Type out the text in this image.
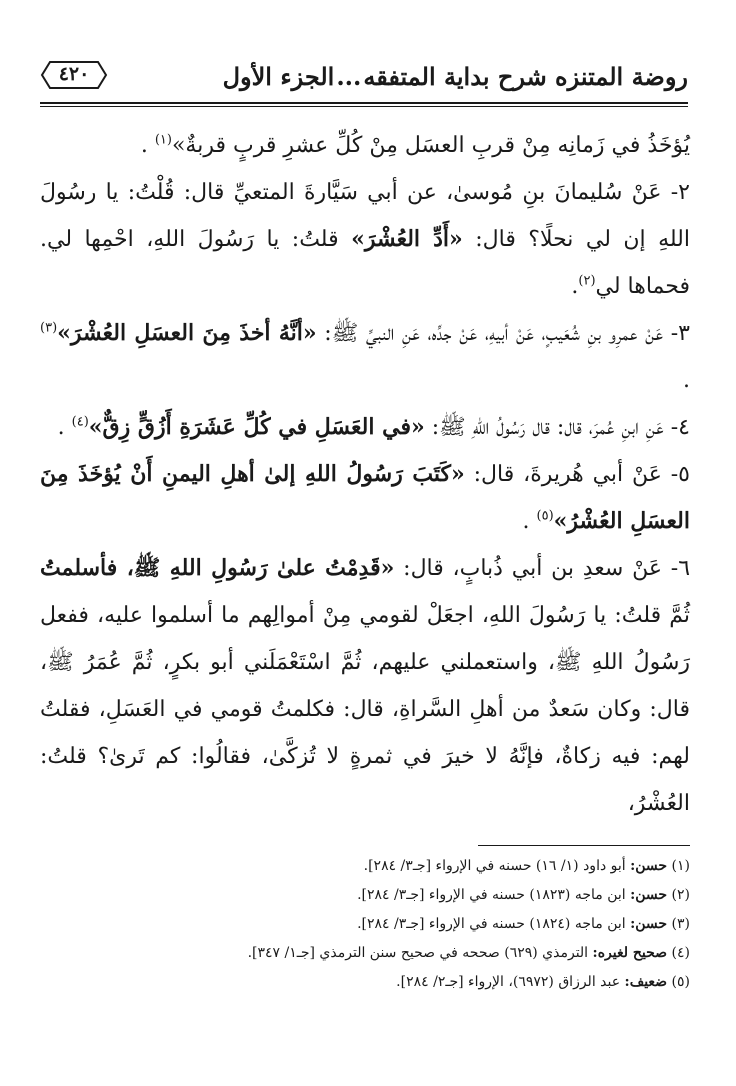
روضة المتنزه شرح بداية المتفقه...الجزء الأول
٤٢٠

يُؤخَذُ في زَمانِه مِنْ قربِ العسَل مِنْ كُلِّ عشرِ قربٍ قربةٌ»$^{(١)}$ .

٢- عَنْ سُليمانَ بنِ مُوسىٰ، عن أبي سَيَّارةَ المتعيِّ قال: قُلْتُ: يا رسُولَ اللهِ إن لي نحلًا؟ قال: «أَدِّ العُشْرَ» قلتُ: يا رَسُولَ اللهِ، احْمِها لي. فحماها لي$^{(٢)}$.

٣- عَنْ عمرِو بنِ شُعَيبٍ، عَنْ أبيهِ، عَنْ جدِّه، عَنِ النبيِّ ﷺ: «أنَّهُ أخذَ مِنَ العسَلِ العُشْرَ»$^{(٣)}$ .

٤- عَنِ ابنِ عُمرَ، قال: قال رَسُولُ اللهِ ﷺ: «في العَسَلِ في كُلِّ عَشَرَةِ أَزُقٍّ زِقٌّ»$^{(٤)}$ .

٥- عَنْ أبي هُريرةَ، قال: «كَتَبَ رَسُولُ اللهِ إلىٰ أهلِ اليمنِ أَنْ يُؤخَذَ مِنَ العسَلِ العُشْرُ»$^{(٥)}$ .

٦- عَنْ سعدِ بن أبي ذُبابٍ، قال: «قَدِمْتُ علىٰ رَسُولِ اللهِ ﷺ، فأسلمتُ ثُمَّ قلتُ: يا رَسُولَ اللهِ، اجعَلْ لقومي مِنْ أموالِهم ما أسلموا عليه، ففعل رَسُولُ اللهِ ﷺ، واستعملني عليهم، ثُمَّ اسْتَعْمَلَني أبو بكرٍ، ثُمَّ عُمَرُ ﷺ، قال: وكان سَعدٌ من أهلِ السَّراةِ، قال: فكلمتُ قومي في العَسَلِ، فقلتُ لهم: فيه زكاةٌ، فإنَّهُ لا خيرَ في ثمرةٍ لا تُزكَّىٰ، فقالُوا: كم تَرىٰ؟ قلتُ: العُشْرُ،

(١) حسن: أبو داود (١/ ١٦) حسنه في الإرواء [جـ٣/ ٢٨٤].
(٢) حسن: ابن ماجه (١٨٢٣) حسنه في الإرواء [جـ٣/ ٢٨٤].
(٣) حسن: ابن ماجه (١٨٢٤) حسنه في الإرواء [جـ٣/ ٢٨٤].
(٤) صحيح لغيره: الترمذي (٦٢٩) صححه في صحيح سنن الترمذي [جـ١/ ٣٤٧].
(٥) ضعيف: عبد الرزاق (٦٩٧٢)، الإرواء [جـ٢/ ٢٨٤].
